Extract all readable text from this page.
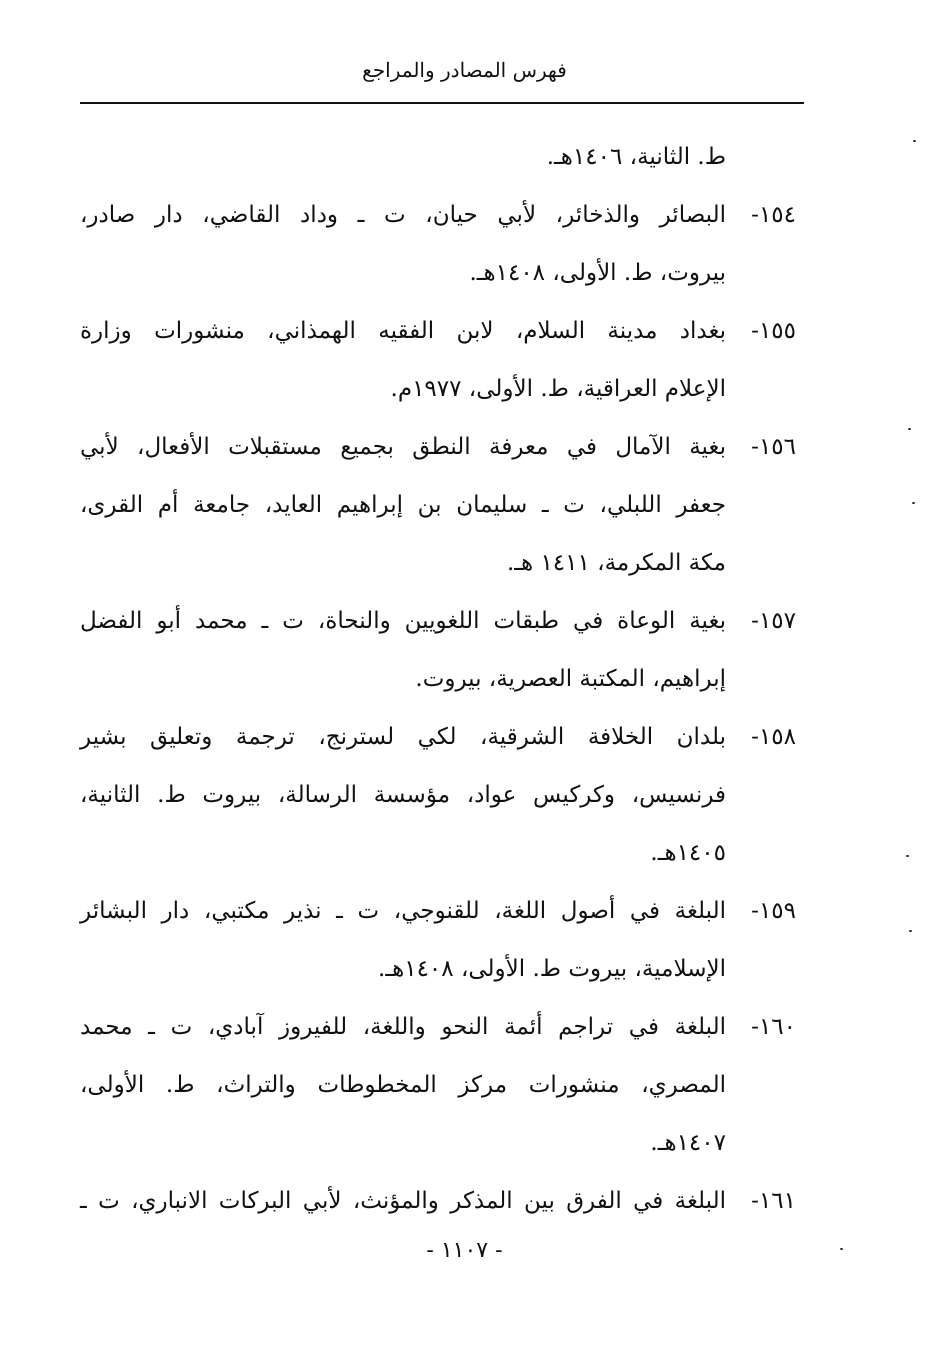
فهرس المصادر والمراجع
ط. الثانية، ١٤٠٦هـ.
١٥٤-
البصائر والذخائر، لأبي حيان، ت ـ وداد القاضي، دار صادر،
بيروت، ط. الأولى، ١٤٠٨هـ.
١٥٥-
بغداد مدينة السلام، لابن الفقيه الهمذاني، منشورات وزارة
الإعلام العراقية، ط. الأولى، ١٩٧٧م.
١٥٦-
بغية الآمال في معرفة النطق بجميع مستقبلات الأفعال، لأبي
جعفر اللبلي، ت ـ سليمان بن إبراهيم العايد، جامعة أم القرى،
مكة المكرمة، ١٤١١ هـ.
١٥٧-
بغية الوعاة في طبقات اللغويين والنحاة، ت ـ محمد أبو الفضل
إبراهيم، المكتبة العصرية، بيروت.
١٥٨-
بلدان الخلافة الشرقية، لكي لسترنج، ترجمة وتعليق بشير
فرنسيس، وكركيس عواد، مؤسسة الرسالة، بيروت ط. الثانية،
١٤٠٥هـ.
١٥٩-
البلغة في أصول اللغة، للقنوجي، ت ـ نذير مكتبي، دار البشائر
الإسلامية، بيروت ط. الأولى، ١٤٠٨هـ.
١٦٠-
البلغة في تراجم أئمة النحو واللغة، للفيروز آبادي، ت ـ محمد
المصري، منشورات مركز المخطوطات والتراث، ط. الأولى،
١٤٠٧هـ.
١٦١-
البلغة في الفرق بين المذكر والمؤنث، لأبي البركات الانباري، ت ـ
- ١١٠٧ -
